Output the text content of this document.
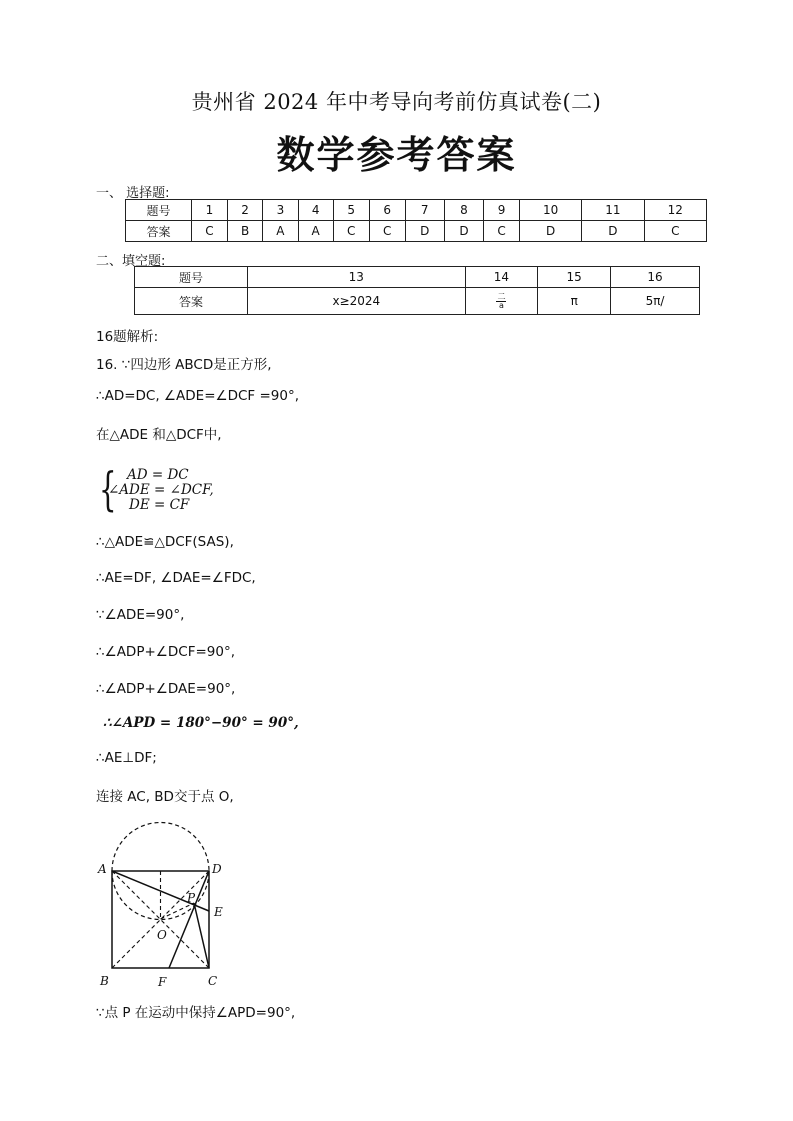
贵州省 2024 年中考导向考前仿真试卷(二)
数学参考答案
一、 选择题:
题号	1	2	3	4	5	6	7	8	9	10	11	12
答案	C	B	A	A	C	C	D	D	C	D	D	C
二、填空题:
题号	13	14	15	16
答案	x≥2024	$\frac{\text{二}}{a}$	π	5π/
16题解析:
16. ∵四边形 ABCD是正方形,
∴AD=DC, ∠ADE=∠DCF =90°,
在△ADE 和△DCF中,
{ AD = DC
∠ADE = ∠DCF,
DE = CF
∴△ADE≌△DCF(SAS),
∴AE=DF, ∠DAE=∠FDC,
∵∠ADE=90°,
∴∠ADP+∠DCF=90°,
∴∠ADP+∠DAE=90°,
∴∠APD = 180°−90° = 90°,
∴AE⊥DF;
连接 AC, BD交于点 O,
A	D
B	C
F
E
O
P
∵点 P 在运动中保持∠APD=90°,
